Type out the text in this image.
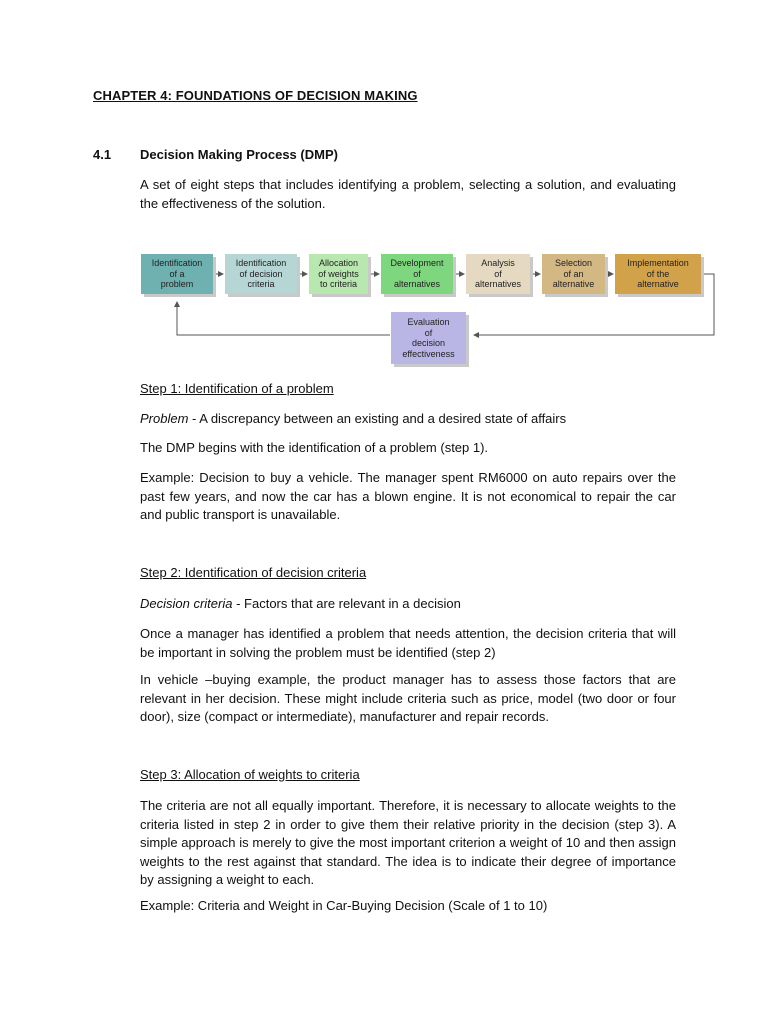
CHAPTER 4: FOUNDATIONS OF DECISION MAKING
4.1 Decision Making Process (DMP)
A set of eight steps that includes identifying a problem, selecting a solution, and evaluating the effectiveness of the solution.
Identification
of a
problem
Identification
of decision
criteria
Allocation
of weights
to criteria
Development
of
alternatives
Analysis
of
alternatives
Selection
of an
alternative
Implementation
of the
alternative
Evaluation
of
decision
effectiveness
Step 1: Identification of a problem
Problem - A discrepancy between an existing and a desired state of affairs
The DMP begins with the identification of a problem (step 1).
Example: Decision to buy a vehicle. The manager spent RM6000 on auto repairs over the past few years, and now the car has a blown engine. It is not economical to repair the car and public transport is unavailable.
Step 2: Identification of decision criteria
Decision criteria - Factors that are relevant in a decision
Once a manager has identified a problem that needs attention, the decision criteria that will be important in solving the problem must be identified (step 2)
In vehicle –buying example, the product manager has to assess those factors that are relevant in her decision. These might include criteria such as price, model (two door or four door), size (compact or intermediate), manufacturer and repair records.
Step 3: Allocation of weights to criteria
The criteria are not all equally important. Therefore, it is necessary to allocate weights to the criteria listed in step 2 in order to give them their relative priority in the decision (step 3). A simple approach is merely to give the most important criterion a weight of 10 and then assign weights to the rest against that standard. The idea is to indicate their degree of importance by assigning a weight to each.
Example: Criteria and Weight in Car-Buying Decision (Scale of 1 to 10)
